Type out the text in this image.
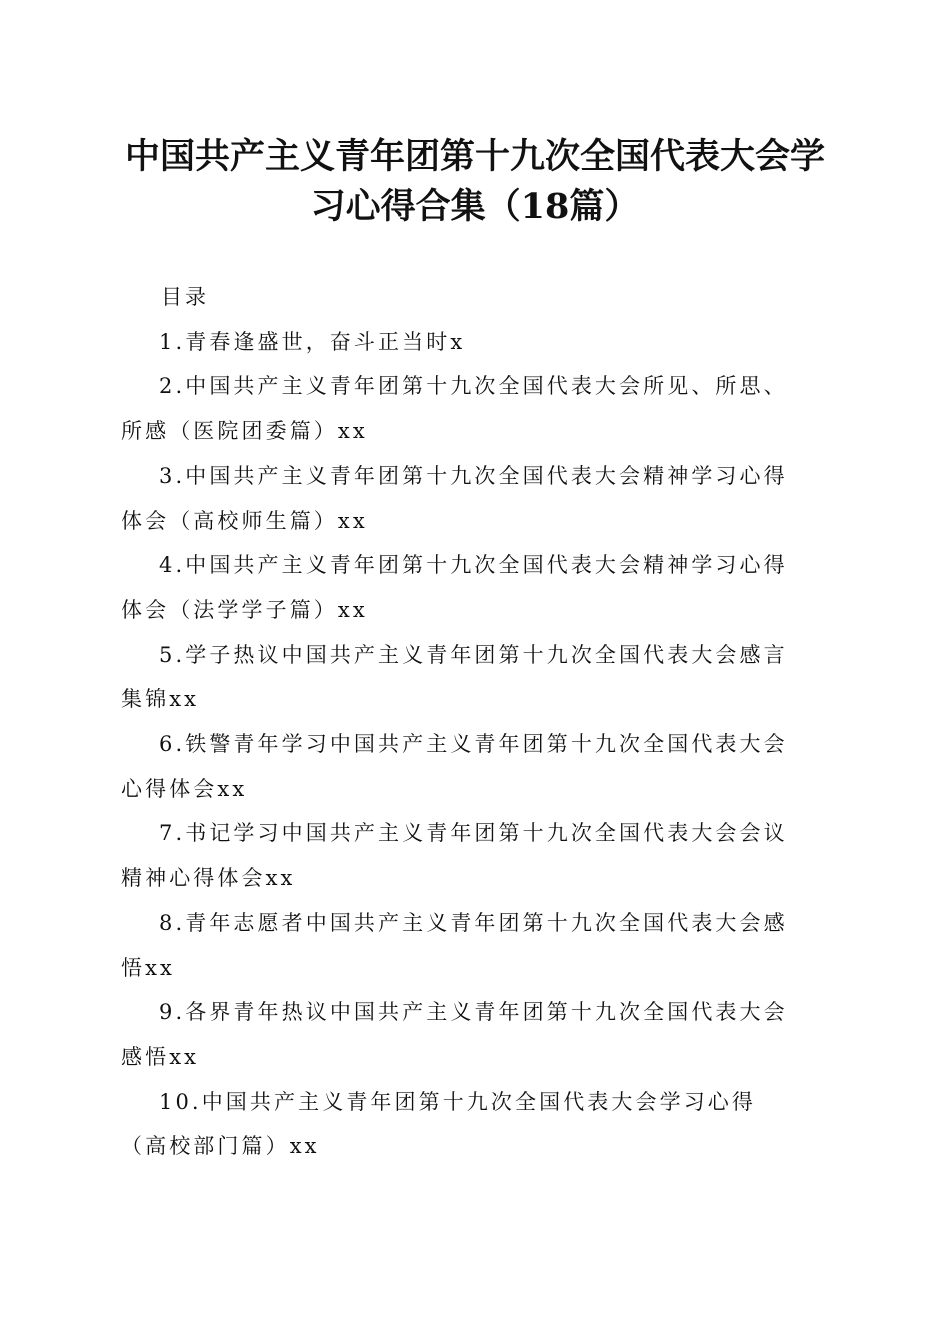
中国共产主义青年团第十九次全国代表大会学
习心得合集（18篇）
目录
1.青春逢盛世，奋斗正当时x
2.中国共产主义青年团第十九次全国代表大会所见、所思、
所感（医院团委篇）xx
3.中国共产主义青年团第十九次全国代表大会精神学习心得
体会（高校师生篇）xx
4.中国共产主义青年团第十九次全国代表大会精神学习心得
体会（法学学子篇）xx
5.学子热议中国共产主义青年团第十九次全国代表大会感言
集锦xx
6.铁警青年学习中国共产主义青年团第十九次全国代表大会
心得体会xx
7.书记学习中国共产主义青年团第十九次全国代表大会会议
精神心得体会xx
8.青年志愿者中国共产主义青年团第十九次全国代表大会感
悟xx
9.各界青年热议中国共产主义青年团第十九次全国代表大会
感悟xx
10.中国共产主义青年团第十九次全国代表大会学习心得
（高校部门篇）xx
